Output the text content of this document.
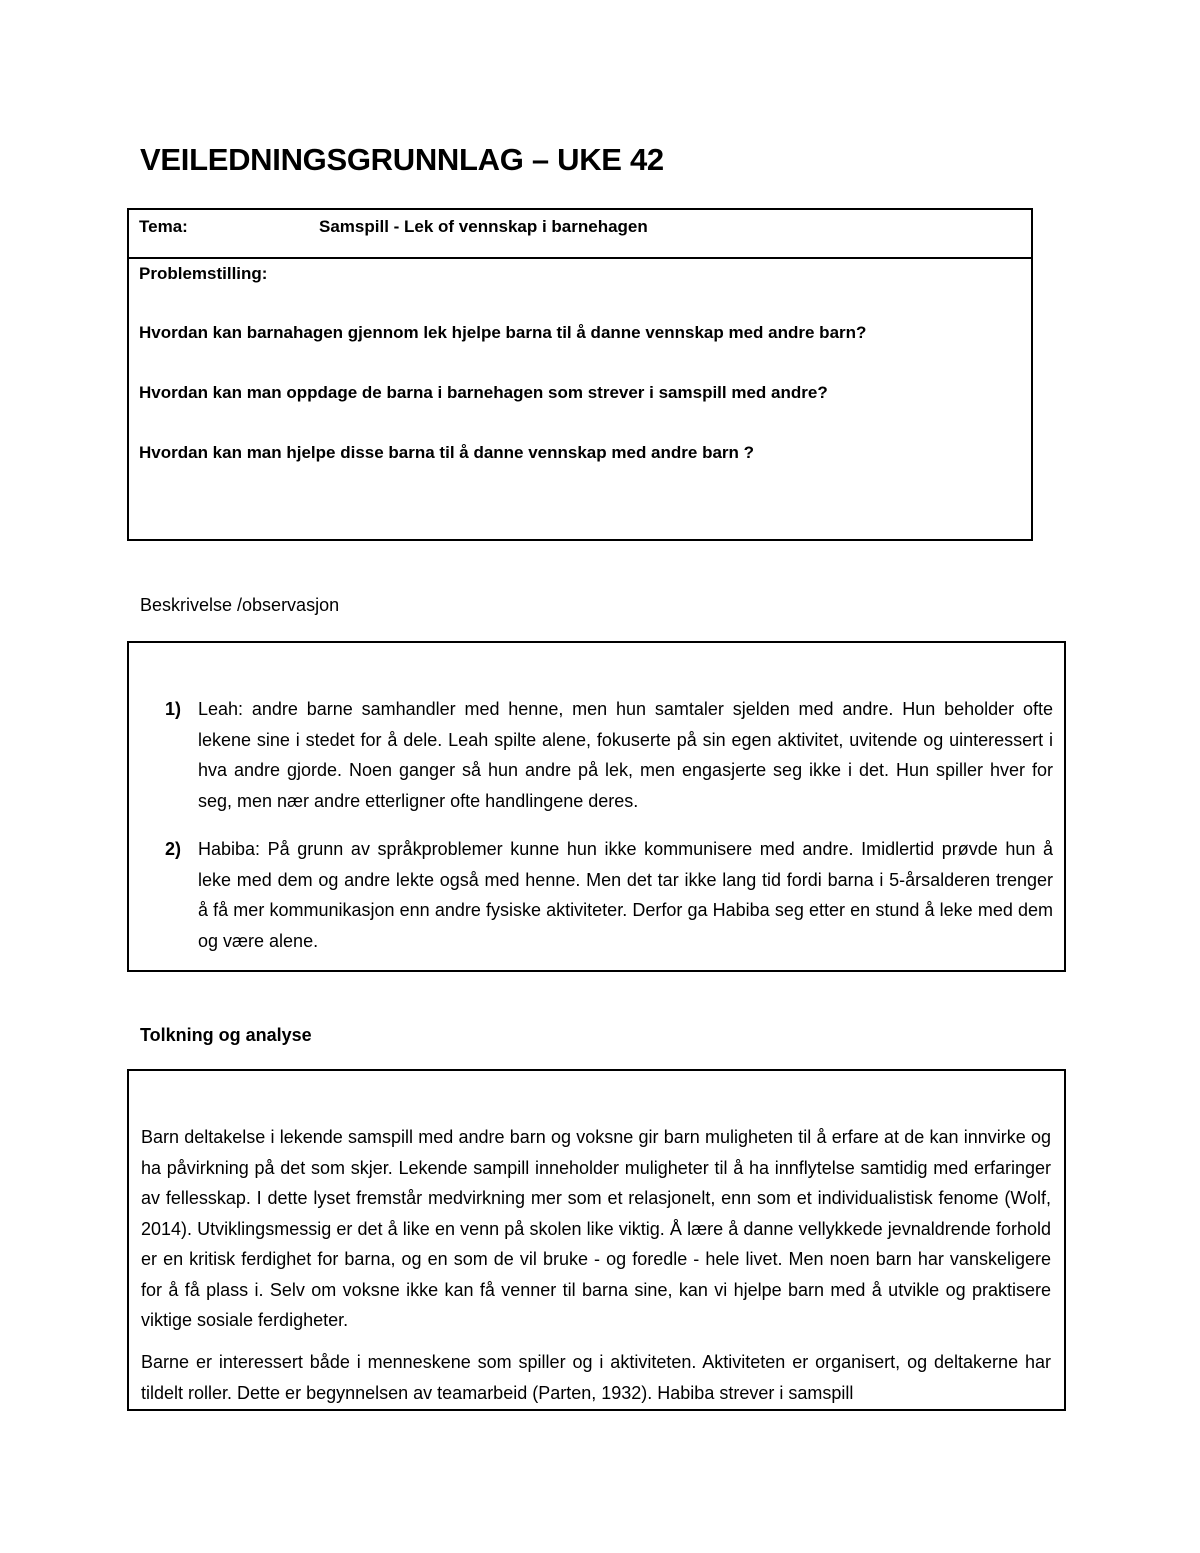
VEILEDNINGSGRUNNLAG – UKE 42
Tema:	Samspill - Lek of vennskap i barnehagen
Problemstilling:
Hvordan kan barnahagen gjennom lek hjelpe barna til å danne vennskap med andre barn?
Hvordan kan man oppdage de barna i barnehagen som strever i samspill med andre?
Hvordan kan man hjelpe disse barna til å danne vennskap med andre barn ?
Beskrivelse /observasjon
1) Leah: andre barne samhandler med henne, men hun samtaler sjelden med andre. Hun beholder ofte lekene sine i stedet for å dele. Leah spilte alene, fokuserte på sin egen aktivitet, uvitende og uinteressert i hva andre gjorde. Noen ganger så hun andre på lek, men engasjerte seg ikke i det. Hun spiller hver for seg, men nær andre etterligner ofte handlingene deres.
2) Habiba: På grunn av språkproblemer kunne hun ikke kommunisere med andre. Imidlertid prøvde hun å leke med dem og andre lekte også med henne. Men det tar ikke lang tid fordi barna i 5-årsalderen trenger å få mer kommunikasjon enn andre fysiske aktiviteter. Derfor ga Habiba seg etter en stund å leke med dem og være alene.
Tolkning og analyse

Barn deltakelse i lekende samspill med andre barn og voksne gir barn muligheten til å erfare at de kan innvirke og ha påvirkning på det som skjer. Lekende sampill inneholder muligheter til å ha innflytelse samtidig med erfaringer av fellesskap. I dette lyset fremstår medvirkning mer som et relasjonelt, enn som et individualistisk fenome (Wolf, 2014). Utviklingsmessig er det å like en venn på skolen like viktig. Å lære å danne vellykkede jevnaldrende forhold er en kritisk ferdighet for barna, og en som de vil bruke - og foredle - hele livet. Men noen barn har vanskeligere for å få plass i. Selv om voksne ikke kan få venner til barna sine, kan vi hjelpe barn med å utvikle og praktisere viktige sosiale ferdigheter.

Barne er interessert både i menneskene som spiller og i aktiviteten. Aktiviteten er organisert, og deltakerne har tildelt roller. Dette er begynnelsen av teamarbeid (Parten, 1932). Habiba strever i samspill
